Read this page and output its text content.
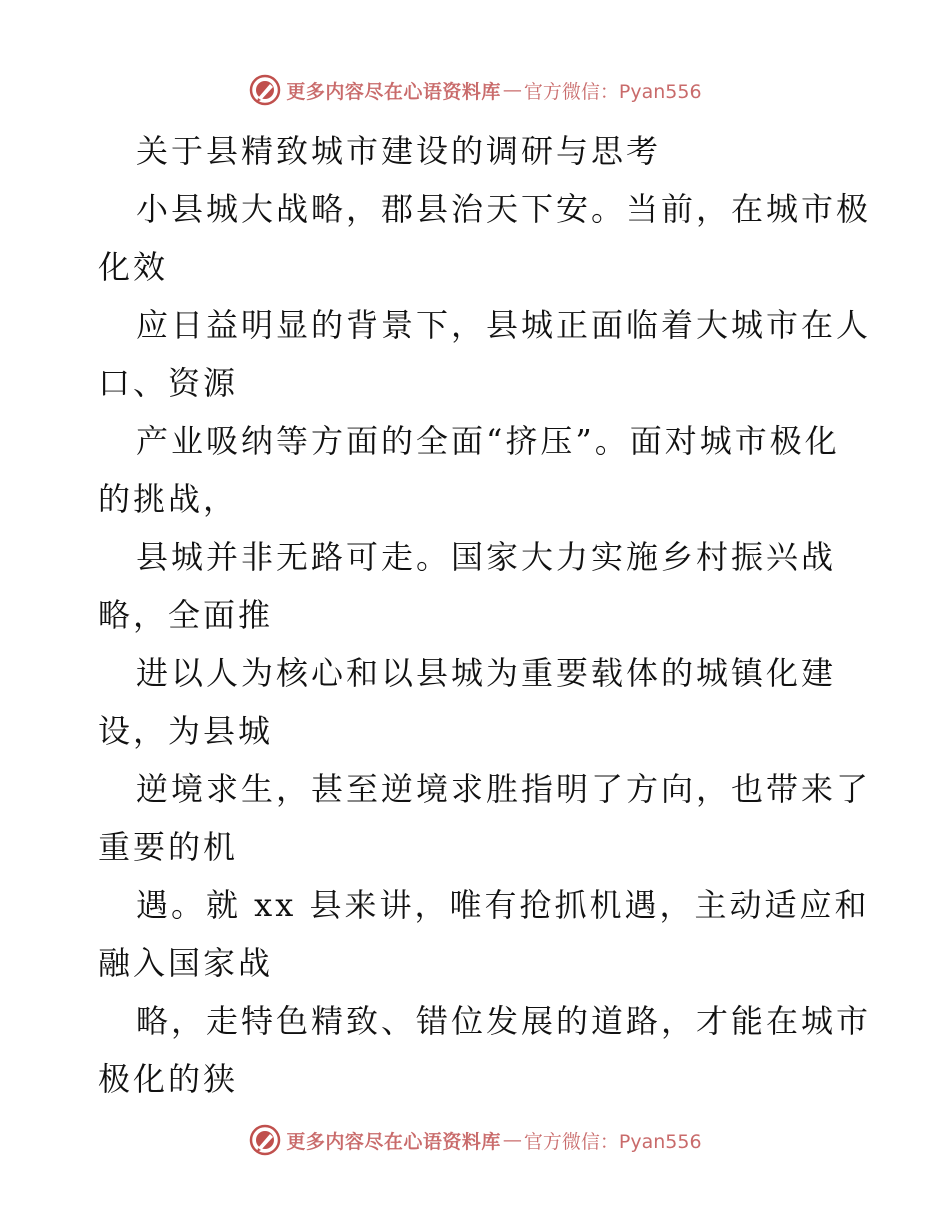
更多内容尽在心语资料库 — 官方微信：Pyan556
关于县精致城市建设的调研与思考
小县城大战略，郡县治天下安。当前，在城市极
化效
应日益明显的背景下，县城正面临着大城市在人
口、资源
产业吸纳等方面的全面“挤压”。面对城市极化
的挑战，
县城并非无路可走。国家大力实施乡村振兴战
略，全面推
进以人为核心和以县城为重要载体的城镇化建
设，为县城
逆境求生，甚至逆境求胜指明了方向，也带来了
重要的机
遇。就 xx 县来讲，唯有抢抓机遇，主动适应和
融入国家战
略，走特色精致、错位发展的道路，才能在城市
极化的狭
更多内容尽在心语资料库 — 官方微信：Pyan556
